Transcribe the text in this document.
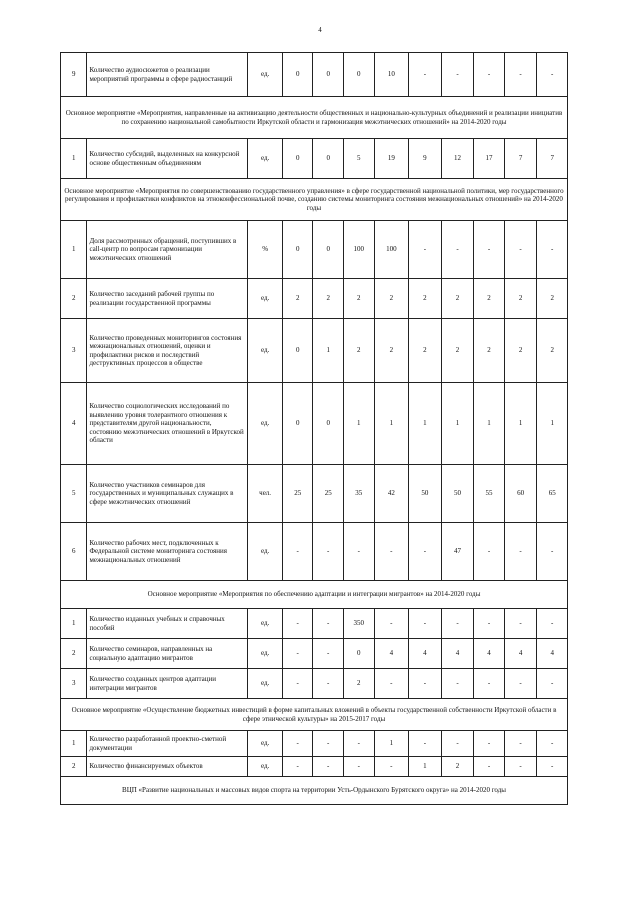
4
9	Количество аудиосюжетов о реализации мероприятий программы в сфере радиостанций	ед.	0	0	0	10	-	-	-	-	-
Основное мероприятие «Мероприятия, направленные на активизацию деятельности общественных и национально-культурных объединений и реализации инициатив по сохранению национальной самобытности Иркутской области и гармонизация межэтнических отношений» на 2014-2020 годы											
1	Количество субсидий, выделенных на конкурсной основе общественным объединениям	ед.	0	0	5	19	9	12	17	7	7
Основное мероприятие «Мероприятия по совершенствованию государственного управления» в сфере государственной национальной политики, мер государственного регулирования и профилактики конфликтов на этноконфессиональной почве, созданию системы мониторинга состояния межнациональных отношений» на 2014-2020 годы											
1	Доля рассмотренных обращений, поступивших в call-центр по вопросам гармонизации межэтнических отношений	%	0	0	100	100	-	-	-	-	-
2	Количество заседаний рабочей группы по реализации государственной программы	ед.	2	2	2	2	2	2	2	2	2
3	Количество проведенных мониторингов состояния межнациональных отношений, оценки и профилактики рисков и последствий деструктивных процессов в обществе	ед.	0	1	2	2	2	2	2	2	2
4	Количество социологических исследований по выявлению уровня толерантного отношения к представителям другой национальности, состоянию межэтнических отношений в Иркутской области	ед.	0	0	1	1	1	1	1	1	1
5	Количество участников семинаров для государственных и муниципальных служащих в сфере межэтнических отношений	чел.	25	25	35	42	50	50	55	60	65
6	Количество рабочих мест, подключенных к Федеральной системе мониторинга состояния межнациональных отношений	ед.	-	-	-	-	-	47	-	-	-
Основное мероприятие «Мероприятия по обеспечению адаптации и интеграции мигрантов» на 2014-2020 годы											
1	Количество изданных учебных и справочных пособий	ед.	-	-	350	-	-	-	-	-	-
2	Количество семинаров, направленных на социальную адаптацию мигрантов	ед.	-	-	0	4	4	4	4	4	4
3	Количество созданных центров адаптации интеграции мигрантов	ед.	-	-	2	-	-	-	-	-	-
Основное мероприятие «Осуществление бюджетных инвестиций в форме капитальных вложений в объекты государственной собственности Иркутской области в сфере этнической культуры» на 2015-2017 годы											
1	Количество разработанной проектно-сметной документации	ед.	-	-	-	1	-	-	-	-	-
2	Количество финансируемых объектов	ед.	-	-	-	-	1	2	-	-	-
ВЦП «Развитие национальных и массовых видов спорта на территории Усть-Ордынского Бурятского округа» на 2014-2020 годы											
